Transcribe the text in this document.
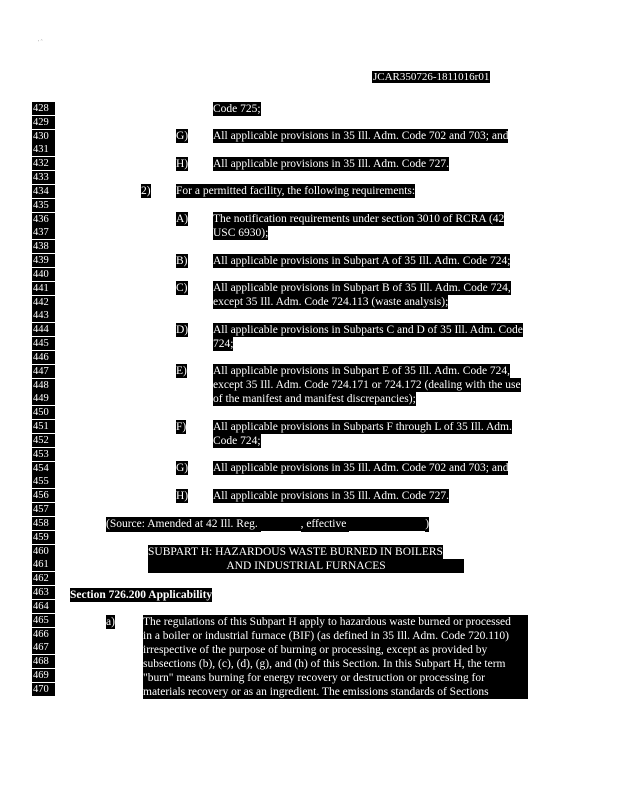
' ˆ
JCAR350726-1811016r01
428
429
430
431
432
433
434
435
436
437
438
439
440
441
442
443
444
445
446
447
448
449
450
451
452
453
454
455
456
457
458
459
460
461
462
463
464
465
466
467
468
469
470
Code 725;
G) All applicable provisions in 35 Ill. Adm. Code 702 and 703; and
H) All applicable provisions in 35 Ill. Adm. Code 727.
2) For a permitted facility, the following requirements:
A) The notification requirements under section 3010 of RCRA (42
USC 6930);
B) All applicable provisions in Subpart A of 35 Ill. Adm. Code 724;
C) All applicable provisions in Subpart B of 35 Ill. Adm. Code 724,
except 35 Ill. Adm. Code 724.113 (waste analysis);
D) All applicable provisions in Subparts C and D of 35 Ill. Adm. Code
724;
E) All applicable provisions in Subpart E of 35 Ill. Adm. Code 724,
except 35 Ill. Adm. Code 724.171 or 724.172 (dealing with the use
of the manifest and manifest discrepancies);
F) All applicable provisions in Subparts F through L of 35 Ill. Adm.
Code 724;
G) All applicable provisions in 35 Ill. Adm. Code 702 and 703; and
H) All applicable provisions in 35 Ill. Adm. Code 727.
(Source: Amended at 42 Ill. Reg.	, effective	)
SUBPART H: HAZARDOUS WASTE BURNED IN BOILERS
AND INDUSTRIAL FURNACES
Section 726.200 Applicability
a) The regulations of this Subpart H apply to hazardous waste burned or processed
in a boiler or industrial furnace (BIF) (as defined in 35 Ill. Adm. Code 720.110)
irrespective of the purpose of burning or processing, except as provided by
subsections (b), (c), (d), (g), and (h) of this Section. In this Subpart H, the term
"burn" means burning for energy recovery or destruction or processing for
materials recovery or as an ingredient. The emissions standards of Sections
